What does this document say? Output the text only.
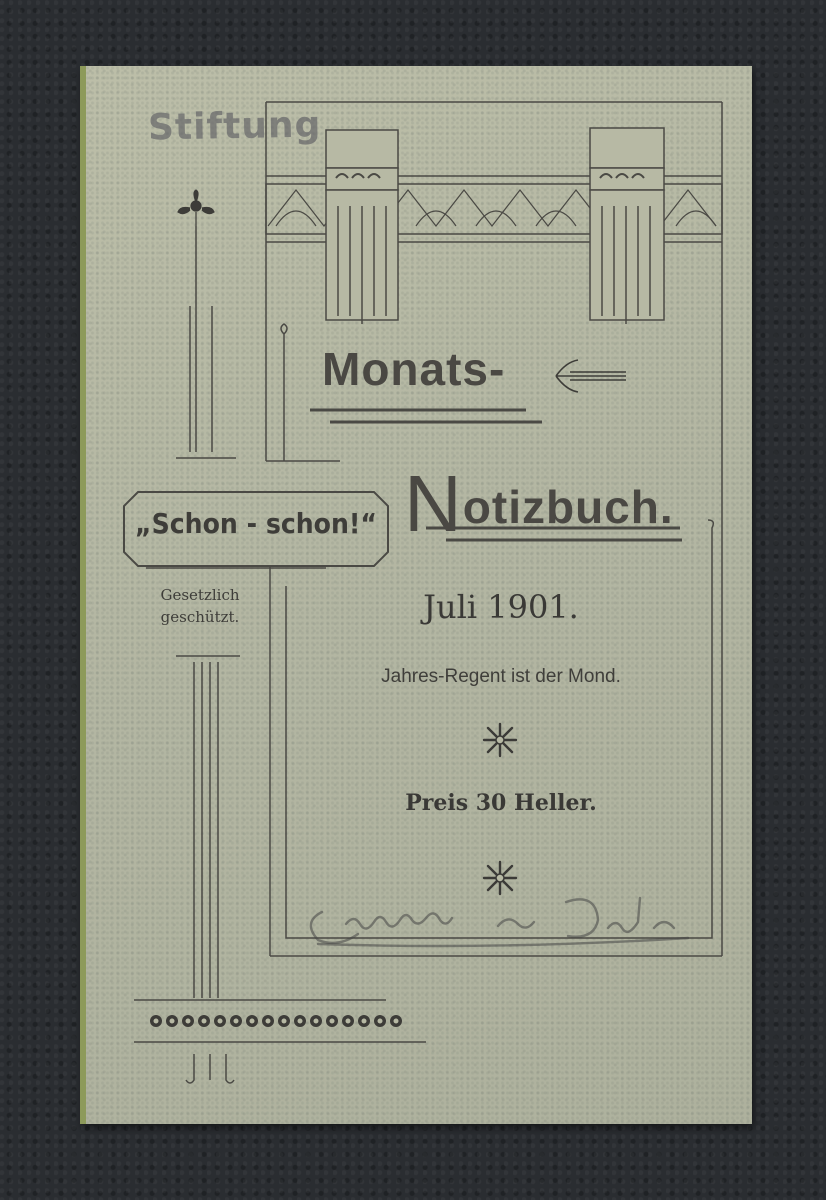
Stiftung
Monats-
Notizbuch.
„Schon - schon!“
Gesetzlich
geschützt.	Juli 1901.
Jahres-Regent ist der Mond.
Preis 30 Heller.
